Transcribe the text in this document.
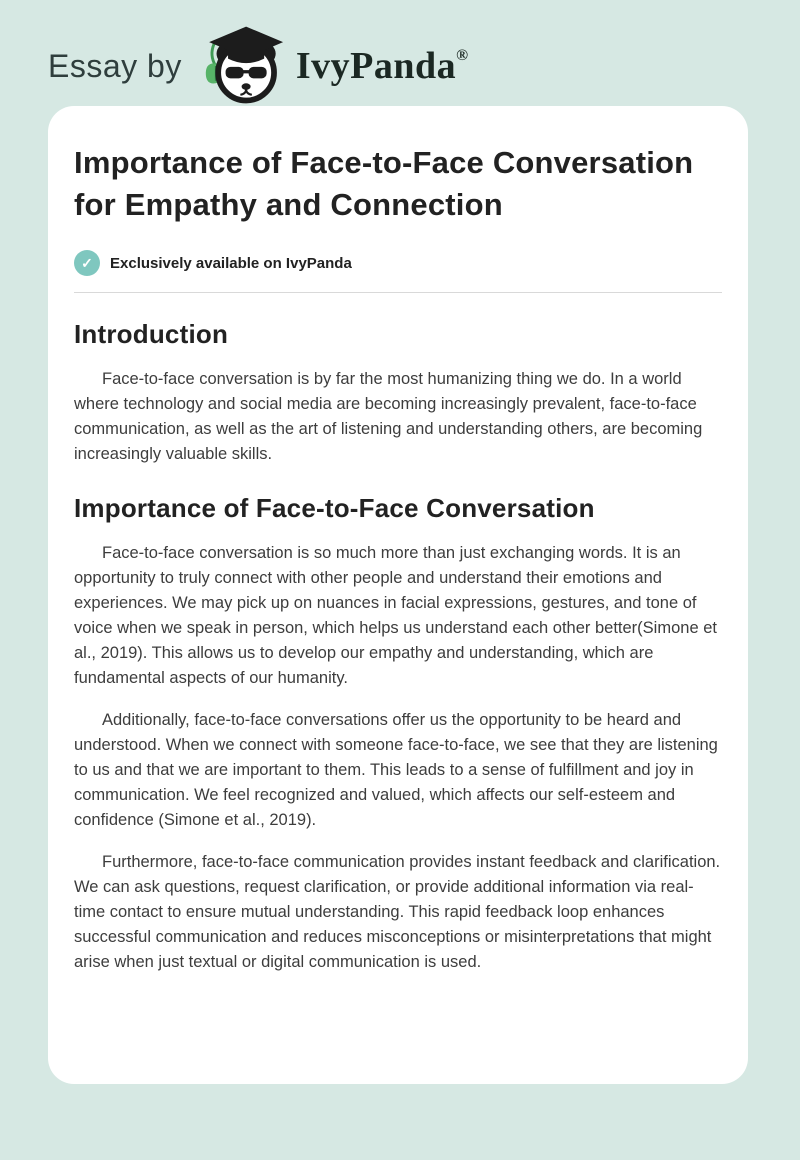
Essay by	IvyPanda®
Importance of Face-to-Face Conversation for Empathy and Connection
✓	Exclusively available on IvyPanda
Introduction

Face-to-face conversation is by far the most humanizing thing we do. In a world where technology and social media are becoming increasingly prevalent, face-to-face communication, as well as the art of listening and understanding others, are becoming increasingly valuable skills.

Importance of Face-to-Face Conversation

Face-to-face conversation is so much more than just exchanging words. It is an opportunity to truly connect with other people and understand their emotions and experiences. We may pick up on nuances in facial expressions, gestures, and tone of voice when we speak in person, which helps us understand each other better(Simone et al., 2019). This allows us to develop our empathy and understanding, which are fundamental aspects of our humanity.

Additionally, face-to-face conversations offer us the opportunity to be heard and understood. When we connect with someone face-to-face, we see that they are listening to us and that we are important to them. This leads to a sense of fulfillment and joy in communication. We feel recognized and valued, which affects our self-esteem and confidence (Simone et al., 2019).

Furthermore, face-to-face communication provides instant feedback and clarification. We can ask questions, request clarification, or provide additional information via real-time contact to ensure mutual understanding. This rapid feedback loop enhances successful communication and reduces misconceptions or misinterpretations that might arise when just textual or digital communication is used.
